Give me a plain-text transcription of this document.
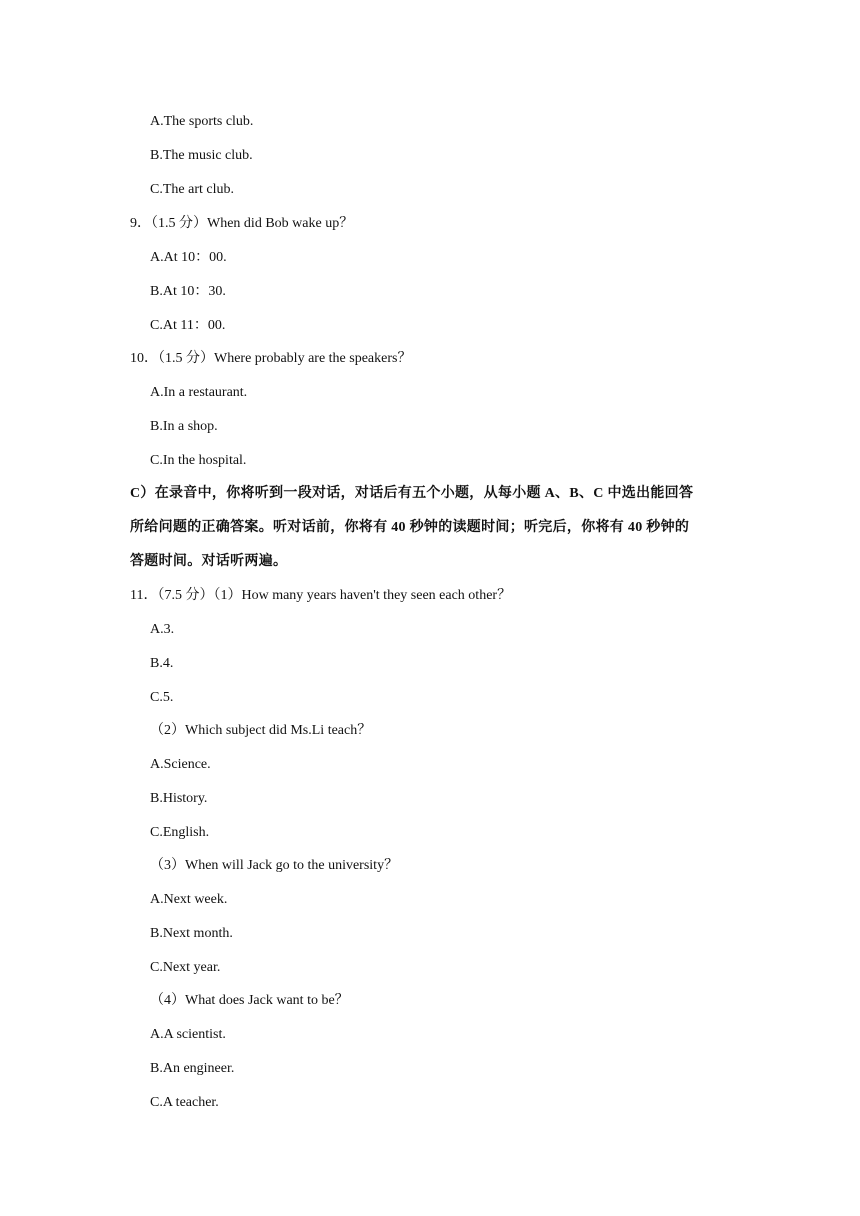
A.The sports club.
B.The music club.
C.The art club.
9．（1.5 分）When did Bob wake up？
A.At 10：00.
B.At 10：30.
C.At 11：00.
10．（1.5 分）Where probably are the speakers？
A.In a restaurant.
B.In a shop.
C.In the hospital.
C）在录音中，你将听到一段对话，对话后有五个小题，从每小题 A、B、C 中选出能回答
所给问题的正确答案。听对话前，你将有 40 秒钟的读题时间；听完后，你将有 40 秒钟的
答题时间。对话听两遍。
11．（7.5 分）（1）How many years haven't they seen each other？
A.3.
B.4.
C.5.
（2）Which subject did Ms.Li teach？
A.Science.
B.History.
C.English.
（3）When will Jack go to the university？
A.Next week.
B.Next month.
C.Next year.
（4）What does Jack want to be？
A.A scientist.
B.An engineer.
C.A teacher.
